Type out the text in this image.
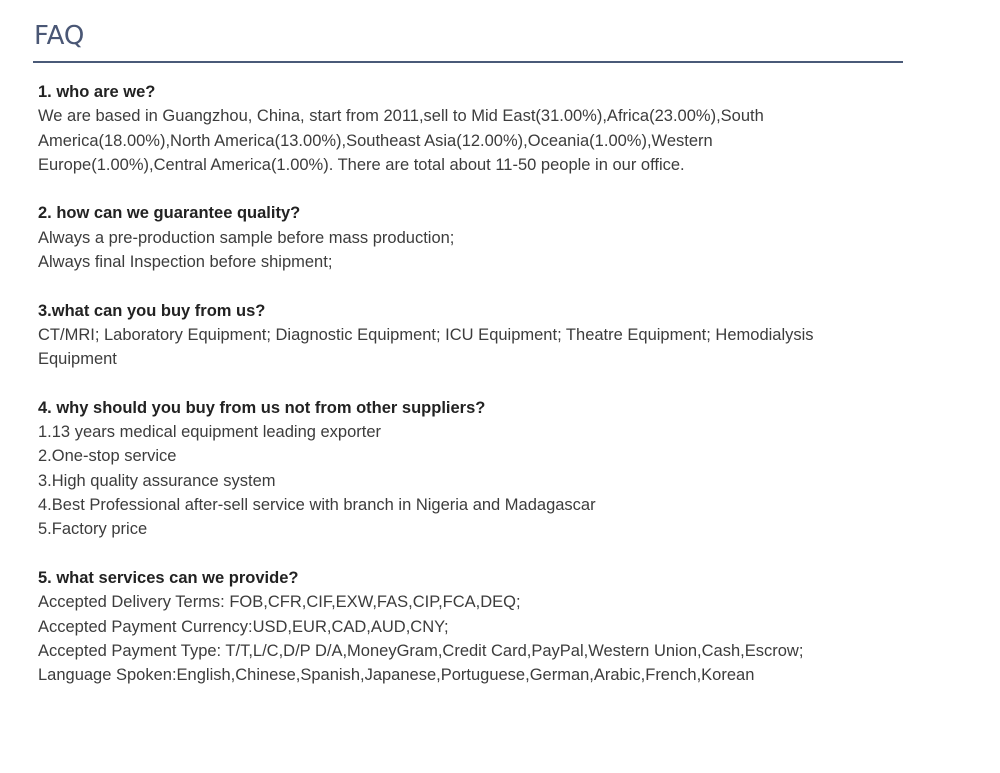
FAQ
1. who are we?
We are based in Guangzhou, China, start from 2011,sell to Mid East(31.00%),Africa(23.00%),South
America(18.00%),North America(13.00%),Southeast Asia(12.00%),Oceania(1.00%),Western
Europe(1.00%),Central America(1.00%). There are total about 11-50 people in our office.
2. how can we guarantee quality?
Always a pre-production sample before mass production;
Always final Inspection before shipment;
3.what can you buy from us?
CT/MRI; Laboratory Equipment; Diagnostic Equipment; ICU Equipment; Theatre Equipment; Hemodialysis
Equipment
4. why should you buy from us not from other suppliers?
1.13 years medical equipment leading exporter
2.One-stop service
3.High quality assurance system
4.Best Professional after-sell service with branch in Nigeria and Madagascar
5.Factory price
5. what services can we provide?
Accepted Delivery Terms: FOB,CFR,CIF,EXW,FAS,CIP,FCA,DEQ;
Accepted Payment Currency:USD,EUR,CAD,AUD,CNY;
Accepted Payment Type: T/T,L/C,D/P D/A,MoneyGram,Credit Card,PayPal,Western Union,Cash,Escrow;
Language Spoken:English,Chinese,Spanish,Japanese,Portuguese,German,Arabic,French,Korean
